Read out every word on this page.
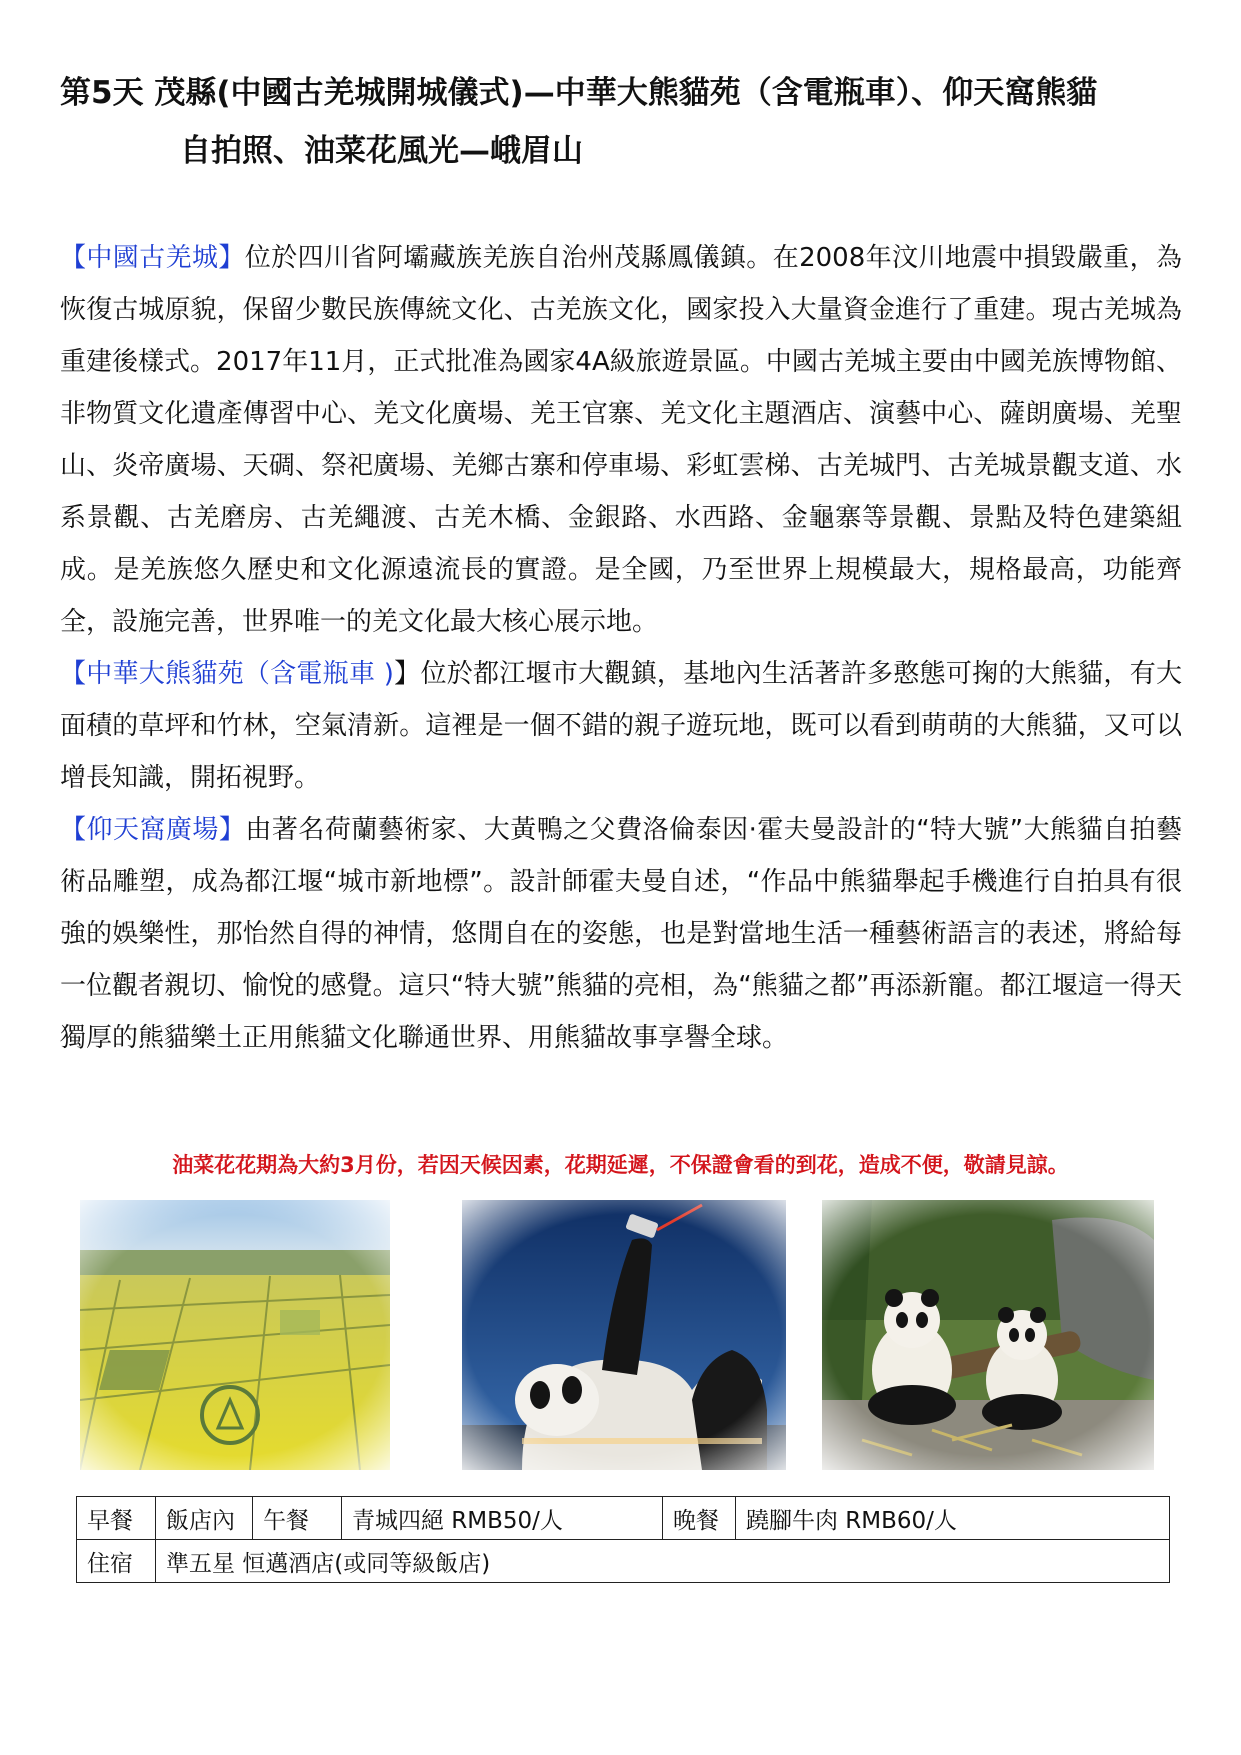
第5天 茂縣(中國古羌城開城儀式)—中華大熊貓苑（含電瓶車）、仰天窩熊貓
自拍照、油菜花風光—峨眉山

【中國古羌城】位於四川省阿壩藏族羌族自治州茂縣鳳儀鎮。在2008年汶川地震中損毀嚴重，為恢復古城原貌，保留少數民族傳統文化、古羌族文化，國家投入大量資金進行了重建。現古羌城為重建後樣式。2017年11月，正式批准為國家4A級旅遊景區。中國古羌城主要由中國羌族博物館、非物質文化遺產傳習中心、羌文化廣場、羌王官寨、羌文化主題酒店、演藝中心、薩朗廣場、羌聖山、炎帝廣場、天碉、祭祀廣場、羌鄉古寨和停車場、彩虹雲梯、古羌城門、古羌城景觀支道、水系景觀、古羌磨房、古羌繩渡、古羌木橋、金銀路、水西路、金龜寨等景觀、景點及特色建築組成。是羌族悠久歷史和文化源遠流長的實證。是全國，乃至世界上規模最大，規格最高，功能齊全，設施完善，世界唯一的羌文化最大核心展示地。

【中華大熊貓苑（含電瓶車 )】位於都江堰市大觀鎮，基地內生活著許多憨態可掬的大熊貓，有大面積的草坪和竹林，空氣清新。這裡是一個不錯的親子遊玩地，既可以看到萌萌的大熊貓，又可以增長知識，開拓視野。

【仰天窩廣場】由著名荷蘭藝術家、大黃鴨之父費洛倫泰因·霍夫曼設計的“特大號”大熊貓自拍藝術品雕塑，成為都江堰“城市新地標”。設計師霍夫曼自述，“作品中熊貓舉起手機進行自拍具有很強的娛樂性，那怡然自得的神情，悠閒自在的姿態，也是對當地生活一種藝術語言的表述，將給每一位觀者親切、愉悅的感覺。這只“特大號”熊貓的亮相，為“熊貓之都”再添新寵。都江堰這一得天獨厚的熊貓樂土正用熊貓文化聯通世界、用熊貓故事享譽全球。

油菜花花期為大約3月份，若因天候因素，花期延遲，不保證會看的到花，造成不便，敬請見諒。
早餐	飯店內	午餐	青城四絕 RMB50/人	晚餐	蹺腳牛肉 RMB60/人
住宿	準五星 恒邁酒店(或同等級飯店)				
